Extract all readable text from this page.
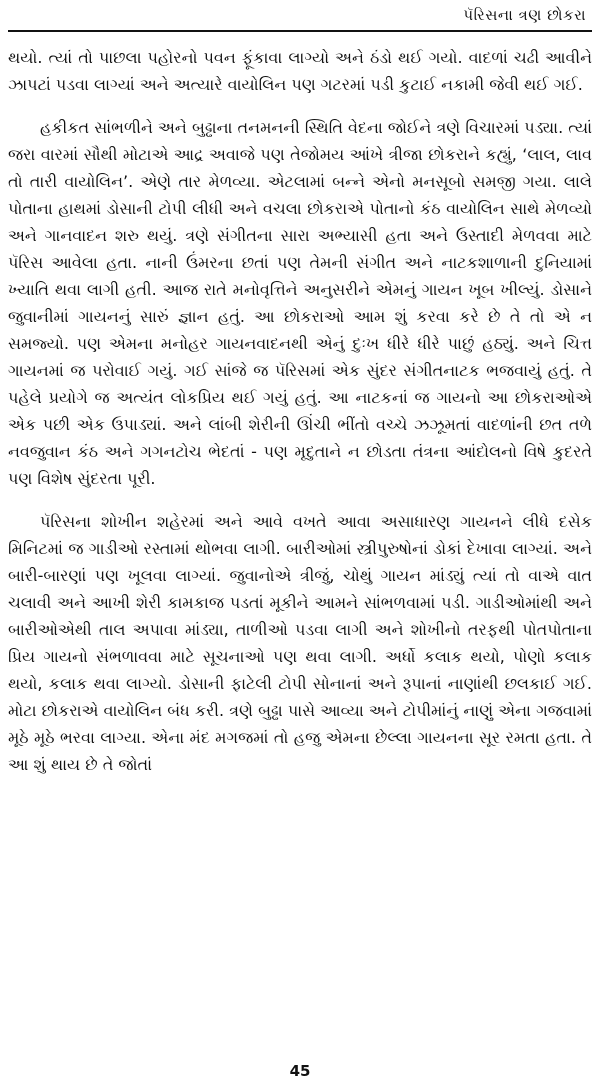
પૅરિસના ત્રણ છોકરા

થયો. ત્યાં તો પાછલા પહોરનો પવન ફૂંકાવા લાગ્યો અને ઠંડો થઈ ગયો. વાદળાં ચઢી આવીને ઝાપટાં પડવા લાગ્યાં અને અત્યારે વાયોલિન પણ ગટરમાં પડી કુટાઈ નકામી જેવી થઈ ગઈ.

હકીકત સાંભળીને અને બુઢ્ઢાના તનમનની સ્થિતિ વેદના જોઈને ત્રણે વિચારમાં પડ્યા. ત્યાં જરા વારમાં સૌથી મોટાએ આદ્ર અવાજે પણ તેજોમય આંખે ત્રીજા છોકરાને કહ્યું, ‘લાલ, લાવ તો તારી વાયોલિન’. એણે તાર મેળવ્યા. એટલામાં બન્ને એનો મનસૂબો સમજી ગયા. લાલે પોતાના હાથમાં ડોસાની ટોપી લીધી અને વચલા છોકરાએ પોતાનો કંઠ વાયોલિન સાથે મેળવ્યો અને ગાનવાદન શરુ થયું. ત્રણે સંગીતના સારા અભ્યાસી હતા અને ઉસ્તાદી મેળવવા માટે પૅરિસ આવેલા હતા. નાની ઉંમરના છતાં પણ તેમની સંગીત અને નાટકશાળાની દુનિયામાં ખ્યાતિ થવા લાગી હતી. આજ રાતે મનોવૃત્તિને અનુસરીને એમનું ગાયન ખૂબ ખીલ્યું. ડોસાને જુવાનીમાં ગાયનનું સારું જ્ઞાન હતું. આ છોકરાઓ આમ શું કરવા કરે છે તે તો એ ન સમજ્યો. પણ એમના મનોહર ગાયનવાદનથી એનું દુઃખ ધીરે ધીરે પાછું હઠ્યું. અને ચિત્ત ગાયનમાં જ પરોવાઈ ગયું. ગઈ સાંજે જ પૅરિસમાં એક સુંદર સંગીતનાટક ભજવાયું હતું. તે પહેલે પ્રયોગે જ અત્યંત લોકપ્રિય થઈ ગયું હતું. આ નાટકનાં જ ગાયનો આ છોકરાઓએ એક પછી એક ઉપાડ્યાં. અને લાંબી શેરીની ઊંચી ભીંતો વચ્ચે ઝઝૂમતાં વાદળાંની છત તળે નવજુવાન કંઠ અને ગગનટોચ ભેદતાં - પણ મૃદુતાને ન છોડતા તંત્રના આંદોલનો વિષે કુદરતે પણ વિશેષ સુંદરતા પૂરી.

પૅરિસના શોખીન શહેરમાં અને આવે વખતે આવા અસાધારણ ગાયનને લીધે દસેક મિનિટમાં જ ગાડીઓ રસ્તામાં થોભવા લાગી. બારીઓમાં સ્ત્રીપુરુષોનાં ડોકાં દેખાવા લાગ્યાં. અને બારી-બારણાં પણ ખૂલવા લાગ્યાં. જુવાનોએ ત્રીજું, ચોથું ગાયન માંડ્યું ત્યાં તો વાએ વાત ચલાવી અને આખી શેરી કામકાજ પડતાં મૂકીને આમને સાંભળવામાં પડી. ગાડીઓમાંથી અને બારીઓએથી તાલ અપાવા માંડ્યા, તાળીઓ પડવા લાગી અને શોખીનો તરફથી પોતપોતાના પ્રિય ગાયનો સંભળાવવા માટે સૂચનાઓ પણ થવા લાગી. અર્ધો કલાક થયો, પોણો કલાક થયો, કલાક થવા લાગ્યો. ડોસાની ફાટેલી ટોપી સોનાનાં અને રૂપાનાં નાણાંથી છલકાઈ ગઈ. મોટા છોકરાએ વાયોલિન બંધ કરી. ત્રણે બુઢ્ઢા પાસે આવ્યા અને ટોપીમાંનું નાણું એના ગજવામાં મૂઠે મૂઠે ભરવા લાગ્યા. એના મંદ મગજમાં તો હજુ એમના છેલ્લા ગાયનના સૂર રમતા હતા. તે આ શું થાય છે તે જોતાં

45
